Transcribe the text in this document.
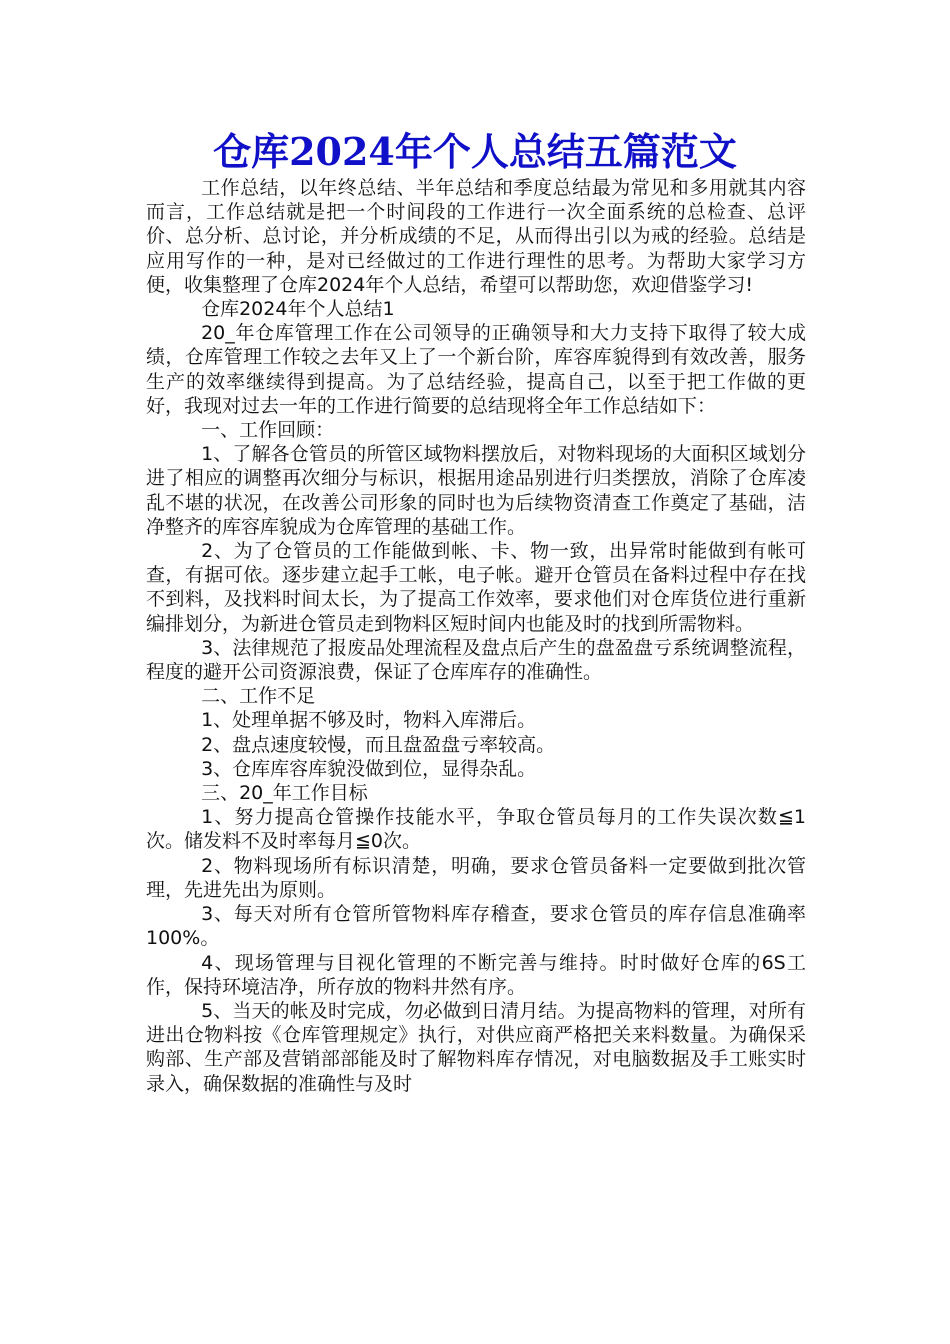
仓库2024年个人总结五篇范文

工作总结，以年终总结、半年总结和季度总结最为常见和多用就其内容而言，工作总结就是把一个时间段的工作进行一次全面系统的总检查、总评价、总分析、总讨论，并分析成绩的不足，从而得出引以为戒的经验。总结是应用写作的一种，是对已经做过的工作进行理性的思考。为帮助大家学习方便，收集整理了仓库2024年个人总结，希望可以帮助您，欢迎借鉴学习!

仓库2024年个人总结1

20_年仓库管理工作在公司领导的正确领导和大力支持下取得了较大成绩，仓库管理工作较之去年又上了一个新台阶，库容库貌得到有效改善，服务生产的效率继续得到提高。为了总结经验，提高自己，以至于把工作做的更好，我现对过去一年的工作进行简要的总结现将全年工作总结如下：

一、工作回顾：

1、了解各仓管员的所管区域物料摆放后，对物料现场的大面积区域划分进了相应的调整再次细分与标识，根据用途品别进行归类摆放，消除了仓库凌乱不堪的状况，在改善公司形象的同时也为后续物资清查工作奠定了基础，洁净整齐的库容库貌成为仓库管理的基础工作。

2、为了仓管员的工作能做到帐、卡、物一致，出异常时能做到有帐可查，有据可依。逐步建立起手工帐，电子帐。避开仓管员在备料过程中存在找不到料，及找料时间太长，为了提高工作效率，要求他们对仓库货位进行重新编排划分，为新进仓管员走到物料区短时间内也能及时的找到所需物料。

3、法律规范了报废品处理流程及盘点后产生的盘盈盘亏系统调整流程，程度的避开公司资源浪费，保证了仓库库存的准确性。

二、工作不足

1、处理单据不够及时，物料入库滞后。

2、盘点速度较慢，而且盘盈盘亏率较高。

3、仓库库容库貌没做到位，显得杂乱。

三、20_年工作目标

1、努力提高仓管操作技能水平，争取仓管员每月的工作失误次数≦1次。储发料不及时率每月≦0次。

2、物料现场所有标识清楚，明确，要求仓管员备料一定要做到批次管理，先进先出为原则。

3、每天对所有仓管所管物料库存稽查，要求仓管员的库存信息准确率100%。

4、现场管理与目视化管理的不断完善与维持。时时做好仓库的6S工作，保持环境洁净，所存放的物料井然有序。

5、当天的帐及时完成，勿必做到日清月结。为提高物料的管理，对所有进出仓物料按《仓库管理规定》执行，对供应商严格把关来料数量。为确保采购部、生产部及营销部部能及时了解物料库存情况，对电脑数据及手工账实时录入，确保数据的准确性与及时
